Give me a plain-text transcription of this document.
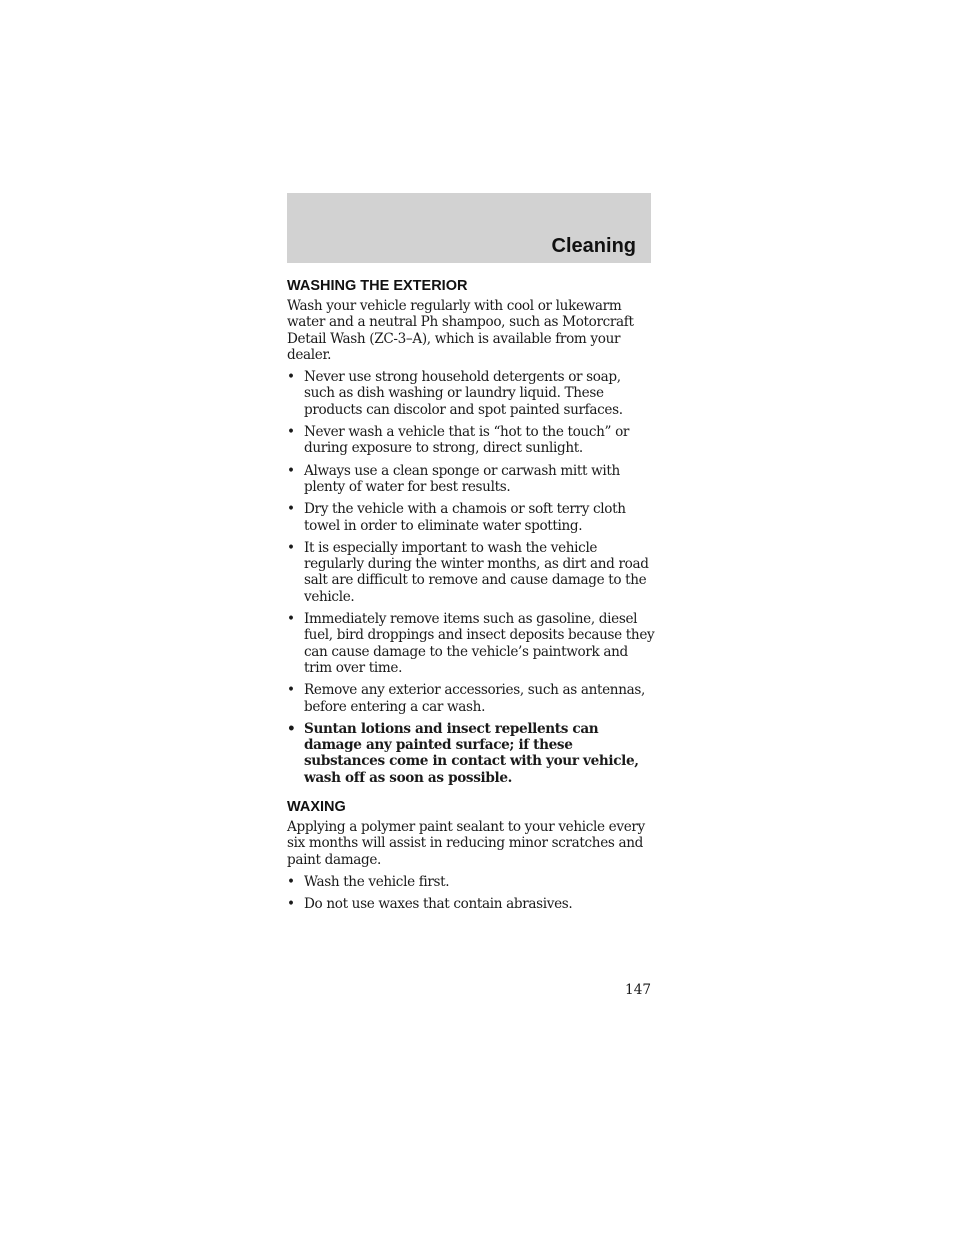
Cleaning
WASHING THE EXTERIOR

Wash your vehicle regularly with cool or lukewarm water and a neutral Ph shampoo, such as Motorcraft Detail Wash (ZC-3–A), which is available from your dealer.

• Never use strong household detergents or soap, such as dish washing or laundry liquid. These products can discolor and spot painted surfaces.
• Never wash a vehicle that is “hot to the touch” or during exposure to strong, direct sunlight.
• Always use a clean sponge or carwash mitt with plenty of water for best results.
• Dry the vehicle with a chamois or soft terry cloth towel in order to eliminate water spotting.
• It is especially important to wash the vehicle regularly during the winter months, as dirt and road salt are difficult to remove and cause damage to the vehicle.
• Immediately remove items such as gasoline, diesel fuel, bird droppings and insect deposits because they can cause damage to the vehicle’s paintwork and trim over time.
• Remove any exterior accessories, such as antennas, before entering a car wash.
• Suntan lotions and insect repellents can damage any painted surface; if these substances come in contact with your vehicle, wash off as soon as possible.
WAXING

Applying a polymer paint sealant to your vehicle every six months will assist in reducing minor scratches and paint damage.

• Wash the vehicle first.
• Do not use waxes that contain abrasives.

147
